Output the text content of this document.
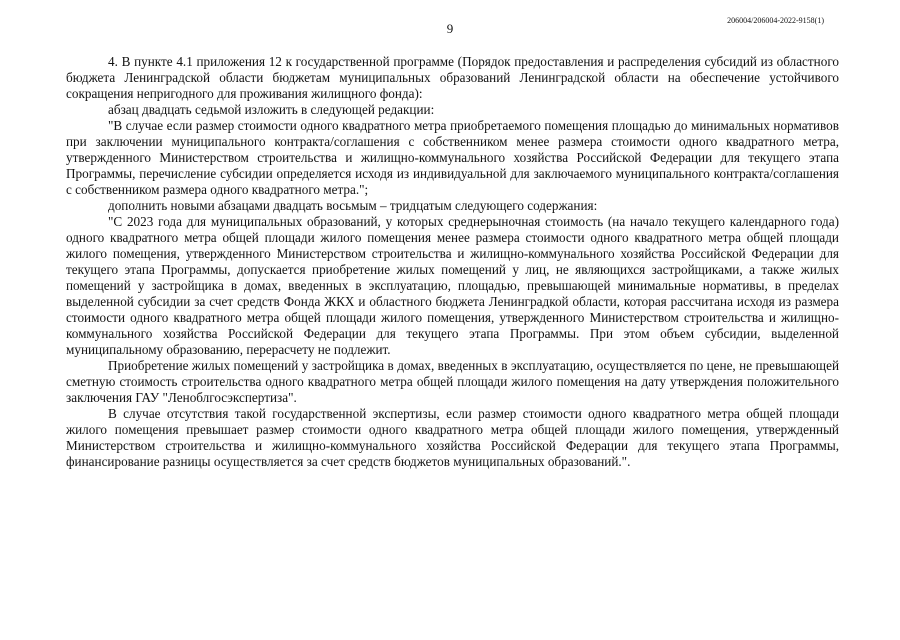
9
206004/206004-2022-9158(1)

4. В пункте 4.1 приложения 12 к государственной программе (Порядок предоставления и распределения субсидий из областного бюджета Ленинградской области бюджетам муниципальных образований Ленинградской области на обеспечение устойчивого сокращения непригодного для проживания жилищного фонда):

абзац двадцать седьмой изложить в следующей редакции:

"В случае если размер стоимости одного квадратного метра приобретаемого помещения площадью до минимальных нормативов при заключении муниципального контракта/соглашения с собственником менее размера стоимости одного квадратного метра, утвержденного Министерством строительства и жилищно-коммунального хозяйства Российской Федерации для текущего этапа Программы, перечисление субсидии определяется исходя из индивидуальной для заключаемого муниципального контракта/соглашения с собственником размера одного квадратного метра.";

дополнить новыми абзацами двадцать восьмым – тридцатым следующего содержания:

"С 2023 года для муниципальных образований, у которых среднерыночная стоимость (на начало текущего календарного года) одного квадратного метра общей площади жилого помещения менее размера стоимости одного квадратного метра общей площади жилого помещения, утвержденного Министерством строительства и жилищно-коммунального хозяйства Российской Федерации для текущего этапа Программы, допускается приобретение жилых помещений у лиц, не являющихся застройщиками, а также жилых помещений у застройщика в домах, введенных в эксплуатацию, площадью, превышающей минимальные нормативы, в пределах выделенной субсидии за счет средств Фонда ЖКХ и областного бюджета Ленинградкой области, которая рассчитана исходя из размера стоимости одного квадратного метра общей площади жилого помещения, утвержденного Министерством строительства и жилищно-коммунального хозяйства Российской Федерации для текущего этапа Программы. При этом объем субсидии, выделенной муниципальному образованию, перерасчету не подлежит.

Приобретение жилых помещений у застройщика в домах, введенных в эксплуатацию, осуществляется по цене, не превышающей сметную стоимость строительства одного квадратного метра общей площади жилого помещения на дату утверждения положительного заключения ГАУ "Леноблгосэкспертиза".

В случае отсутствия такой государственной экспертизы, если размер стоимости одного квадратного метра общей площади жилого помещения превышает размер стоимости одного квадратного метра общей площади жилого помещения, утвержденный Министерством строительства и жилищно-коммунального хозяйства Российской Федерации для текущего этапа Программы, финансирование разницы осуществляется за счет средств бюджетов муниципальных образований.".
